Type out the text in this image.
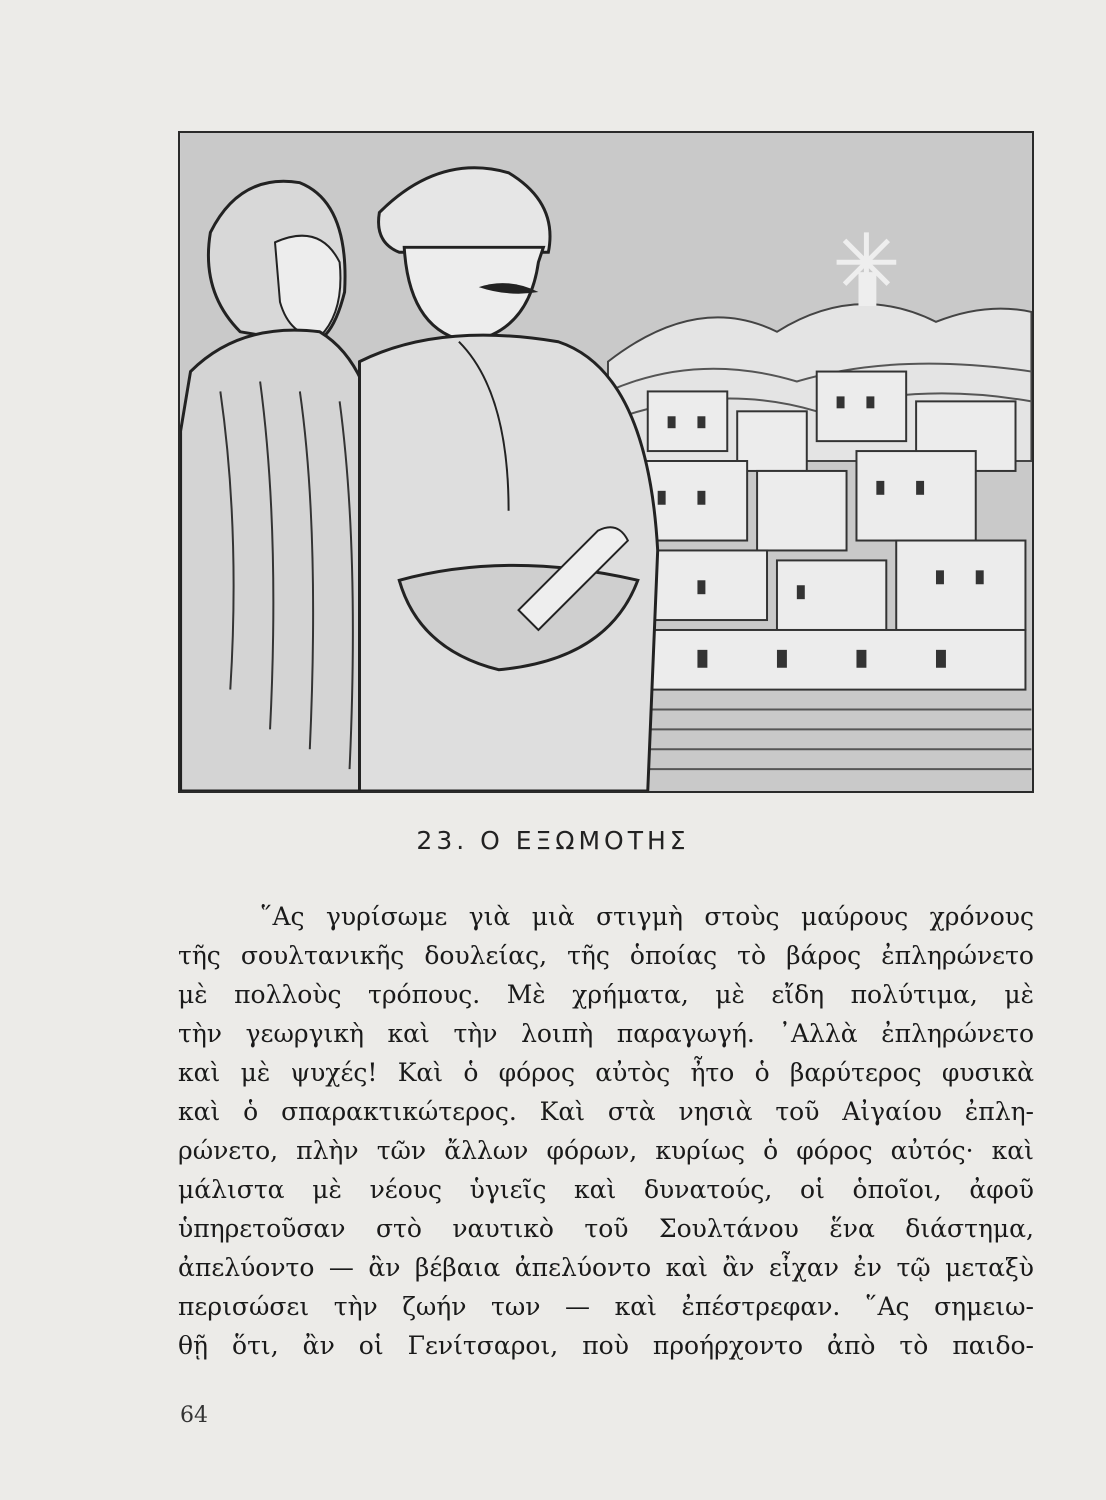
23. Ο ΕΞΩΜΟΤΗΣ
῞Ας γυρίσωμε γιὰ μιὰ στιγμὴ στοὺς μαύρους χρόνους
τῆς σουλτανικῆς δουλείας, τῆς ὁποίας τὸ βάρος ἐπληρώνετο
μὲ πολλοὺς τρόπους. Μὲ χρήματα, μὲ εἴδη πολύτιμα, μὲ
τὴν γεωργικὴ καὶ τὴν λοιπὴ παραγωγή. ᾿Αλλὰ ἐπληρώνετο
καὶ μὲ ψυχές! Καὶ ὁ φόρος αὐτὸς ἦτο ὁ βαρύτερος φυσικὰ
καὶ ὁ σπαρακτικώτερος. Καὶ στὰ νησιὰ τοῦ Αἰγαίου ἐπλη-
ρώνετο, πλὴν τῶν ἄλλων φόρων, κυρίως ὁ φόρος αὐτός· καὶ
μάλιστα μὲ νέους ὑγιεῖς καὶ δυνατούς, οἱ ὁποῖοι, ἀφοῦ
ὑπηρετοῦσαν στὸ ναυτικὸ τοῦ Σουλτάνου ἕνα διάστημα,
ἀπελύοντο — ἂν βέβαια ἀπελύοντο καὶ ἂν εἶχαν ἐν τῷ μεταξὺ
περισώσει τὴν ζωήν των — καὶ ἐπέστρεφαν. ῞Ας σημειω-
θῇ ὅτι, ἂν οἱ Γενίτσαροι, ποὺ προήρχοντο ἀπὸ τὸ παιδο-
64
